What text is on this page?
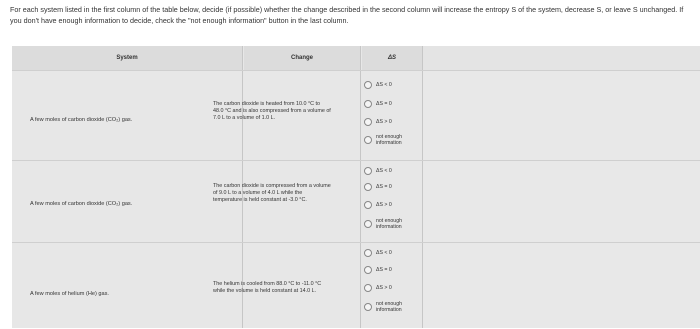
For each system listed in the first column of the table below, decide (if possible) whether the change described in the second column will increase the entropy S of the system, decrease S, or leave S unchanged. If you don't have enough information to decide, check the "not enough information" button in the last column.
System	Change	ΔS
A few moles of carbon dioxide (CO₂) gas.
The carbon dioxide is heated from 10.0 °C to 48.0 °C and is also compressed from a volume of 7.0 L to a volume of 1.0 L.
ΔS < 0
ΔS = 0
ΔS > 0
not enough information
A few moles of carbon dioxide (CO₂) gas.
The carbon dioxide is compressed from a volume of 9.0 L to a volume of 4.0 L while the temperature is held constant at -3.0 °C.
ΔS < 0
ΔS = 0
ΔS > 0
not enough information
A few moles of helium (He) gas.
The helium is cooled from 88.0 °C to -11.0 °C while the volume is held constant at 14.0 L.
ΔS < 0
ΔS = 0
ΔS > 0
not enough information
